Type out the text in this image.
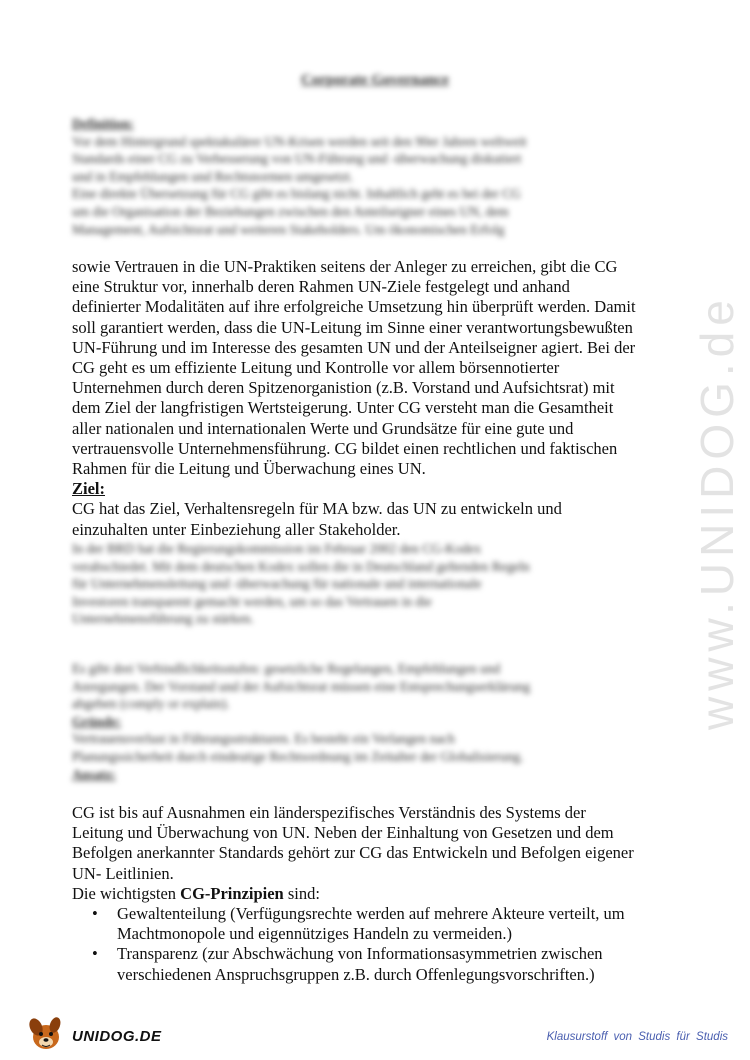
www.UNIDOG.de
Corporate Governance
Definition:
Vor dem Hintergrund spektakulärer UN-Krisen werden seit den 90er Jahren weltweit
Standards einer CG zu Verbesserung von UN-Führung und -überwachung diskutiert
und in Empfehlungen und Rechtsnormen umgesetzt.
Eine direkte Übersetzung für CG gibt es bislang nicht. Inhaltlich geht es bei der CG
um die Organisation der Beziehungen zwischen den Anteilseigner eines UN, dem
Management, Aufsichtsrat und weiteren Stakeholders. Um ökonomischen Erfolg
sowie Vertrauen in die UN-Praktiken seitens der Anleger zu erreichen, gibt die CG
eine Struktur vor, innerhalb deren Rahmen UN-Ziele festgelegt und anhand
definierter Modalitäten auf ihre erfolgreiche Umsetzung hin überprüft werden. Damit
soll garantiert werden, dass die UN-Leitung im Sinne einer verantwortungsbewußten
UN-Führung und im Interesse des gesamten UN und der Anteilseigner agiert. Bei der
CG geht es um effiziente Leitung und Kontrolle vor allem börsennotierter
Unternehmen durch deren Spitzenorganistion (z.B. Vorstand und Aufsichtsrat) mit
dem Ziel der langfristigen Wertsteigerung. Unter CG versteht man die Gesamtheit
aller nationalen und internationalen Werte und Grundsätze für eine gute und
vertrauensvolle Unternehmensführung. CG bildet einen rechtlichen und faktischen
Rahmen für die Leitung und Überwachung eines UN.
Ziel:
CG hat das Ziel, Verhaltensregeln für MA bzw. das UN zu entwickeln und
einzuhalten unter Einbeziehung aller Stakeholder.
In der BRD hat die Regierungskommission im Februar 2002 den CG-Kodex
verabschiedet. Mit dem deutschen Kodex sollen die in Deutschland geltenden Regeln
für Unternehmensleitung und -überwachung für nationale und internationale
Investoren transparent gemacht werden, um so das Vertrauen in die
Unternehmensführung zu stärken.
Es gibt drei Verbindlichkeitsstufen: gesetzliche Regelungen, Empfehlungen und
Anregungen. Der Vorstand und der Aufsichtsrat müssen eine Entsprechungserklärung
abgeben (comply or explain).
Gründe:
Vertrauensverlust in Führungsstrukturen. Es besteht ein Verlangen nach
Planungssicherheit durch eindeutige Rechtsordnung im Zeitalter der Globalisierung.
Ansatz:
CG ist bis auf Ausnahmen ein länderspezifisches Verständnis des Systems der
Leitung und Überwachung von UN. Neben der Einhaltung von Gesetzen und dem
Befolgen anerkannter Standards gehört zur CG das Entwickeln und Befolgen eigener
UN- Leitlinien.
Die wichtigsten CG-Prinzipien sind:
• Gewaltenteilung (Verfügungsrechte werden auf mehrere Akteure verteilt, um
Machtmonopole und eigennütziges Handeln zu vermeiden.)
• Transparenz (zur Abschwächung von Informationsasymmetrien zwischen
verschiedenen Anspruchsgruppen z.B. durch Offenlegungsvorschriften.)
UNIDOG.DE	Klausurstoff von Studis für Studis
